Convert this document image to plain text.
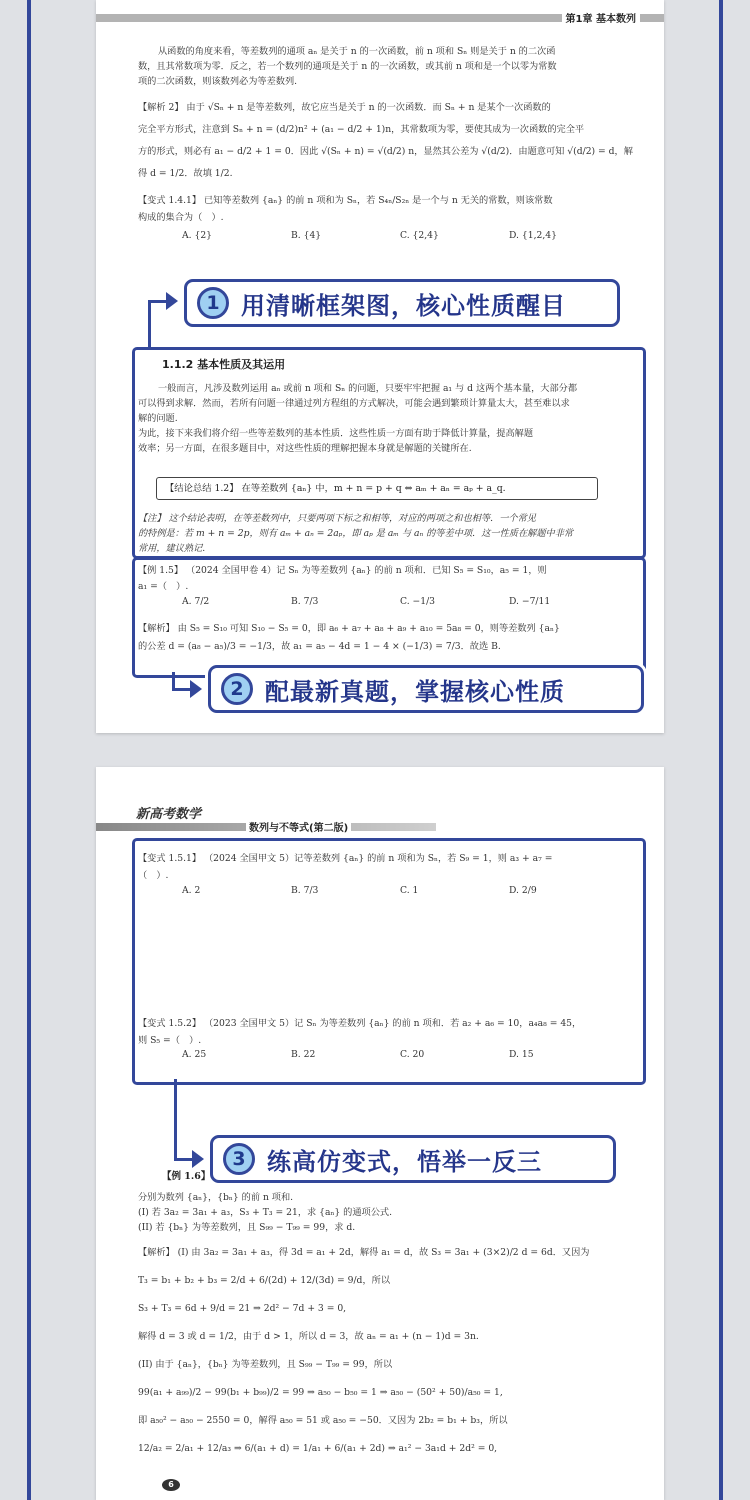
第1章 基本数列
从函数的角度来看，等差数列的通项 aₙ 是关于 n 的一次函数，前 n 项和 Sₙ 则是关于 n 的二次函
数，且其常数项为零．反之，若一个数列的通项是关于 n 的一次函数，或其前 n 项和是一个以零为常数
项的二次函数，则该数列必为等差数列.
【解析 2】 由于 √Sₙ + n 是等差数列，故它应当是关于 n 的一次函数．而 Sₙ + n 是某个一次函数的
完全平方形式，注意到 Sₙ + n = (d/2)n² + (a₁ − d/2 + 1)n，其常数项为零，要使其成为一次函数的完全平
方的形式，则必有 a₁ − d/2 + 1 = 0．因此 √(Sₙ + n) = √(d/2) n，显然其公差为 √(d/2)．由题意可知 √(d/2) = d，解
得 d = 1/2．故填 1/2.
【变式 1.4.1】 已知等差数列 {aₙ} 的前 n 项和为 Sₙ，若 S₄ₙ/S₂ₙ 是一个与 n 无关的常数，则该常数
构成的集合为（　）.
A. {2}	B. {4}	C. {2,4}	D. {1,2,4}
1.1.2 基本性质及其运用
一般而言，凡涉及数列运用 aₙ 或前 n 项和 Sₙ 的问题，只要牢牢把握 a₁ 与 d 这两个基本量，大部分都
可以得到求解．然而，若所有问题一律通过列方程组的方式解决，可能会遇到繁琐计算量太大，甚至难以求
解的问题.
为此，接下来我们将介绍一些等差数列的基本性质．这些性质一方面有助于降低计算量，提高解题
效率；另一方面，在很多题目中，对这些性质的理解把握本身就是解题的关键所在.
【结论总结 1.2】 在等差数列 {aₙ} 中，m + n = p + q ⇔ aₘ + aₙ = aₚ + a_q.
【注】 这个结论表明，在等差数列中，只要两项下标之和相等，对应的两项之和也相等．一个常见
的特例是：若 m + n = 2p，则有 aₘ + aₙ = 2aₚ，即 aₚ 是 aₘ 与 aₙ 的等差中项．这一性质在解题中非常
常用，建议熟记.
【例 1.5】 （2024 全国甲卷 4）记 Sₙ 为等差数列 {aₙ} 的前 n 项和．已知 S₅ = S₁₀，a₅ = 1，则
a₁ =（　）.
A. 7/2	B. 7/3	C. −1/3	D. −7/11
【解析】 由 S₅ = S₁₀ 可知 S₁₀ − S₅ = 0，即 a₆ + a₇ + a₈ + a₉ + a₁₀ = 5a₈ = 0，则等差数列 {aₙ}
的公差 d = (a₈ − a₅)/3 = −1/3，故 a₁ = a₅ − 4d = 1 − 4 × (−1/3) = 7/3．故选 B.
新高考数学
数列与不等式(第二版)
【变式 1.5.1】 （2024 全国甲文 5）记等差数列 {aₙ} 的前 n 项和为 Sₙ，若 S₉ = 1，则 a₃ + a₇ =
（　）.
A. 2	B. 7/3	C. 1	D. 2/9
【变式 1.5.2】 （2023 全国甲文 5）记 Sₙ 为等差数列 {aₙ} 的前 n 项和．若 a₂ + a₆ = 10，a₄a₈ = 45，
则 S₅ =（　）.
A. 25	B. 22	C. 20	D. 15
【例 1.6】
分别为数列 {aₙ}，{bₙ} 的前 n 项和.
(I) 若 3a₂ = 3a₁ + a₃，S₃ + T₃ = 21，求 {aₙ} 的通项公式.
(II) 若 {bₙ} 为等差数列，且 S₉₉ − T₉₉ = 99，求 d.
【解析】 (I) 由 3a₂ = 3a₁ + a₃，得 3d = a₁ + 2d，解得 a₁ = d，故 S₃ = 3a₁ + (3×2)/2 d = 6d．又因为
T₃ = b₁ + b₂ + b₃ = 2/d + 6/(2d) + 12/(3d) = 9/d，所以
S₃ + T₃ = 6d + 9/d = 21 ⇒ 2d² − 7d + 3 = 0,
解得 d = 3 或 d = 1/2，由于 d > 1，所以 d = 3，故 aₙ = a₁ + (n − 1)d = 3n.
(II) 由于 {aₙ}，{bₙ} 为等差数列，且 S₉₉ − T₉₉ = 99，所以
99(a₁ + a₉₉)/2 − 99(b₁ + b₉₉)/2 = 99 ⇒ a₅₀ − b₅₀ = 1 ⇒ a₅₀ − (50² + 50)/a₅₀ = 1,
即 a₅₀² − a₅₀ − 2550 = 0，解得 a₅₀ = 51 或 a₅₀ = −50．又因为 2b₂ = b₁ + b₃，所以
12/a₂ = 2/a₁ + 12/a₃ ⇒ 6/(a₁ + d) = 1/a₁ + 6/(a₁ + 2d) ⇒ a₁² − 3a₁d + 2d² = 0,
6
1 用清晰框架图，核心性质醒目
2 配最新真题，掌握核心性质
3 练高仿变式，悟举一反三
